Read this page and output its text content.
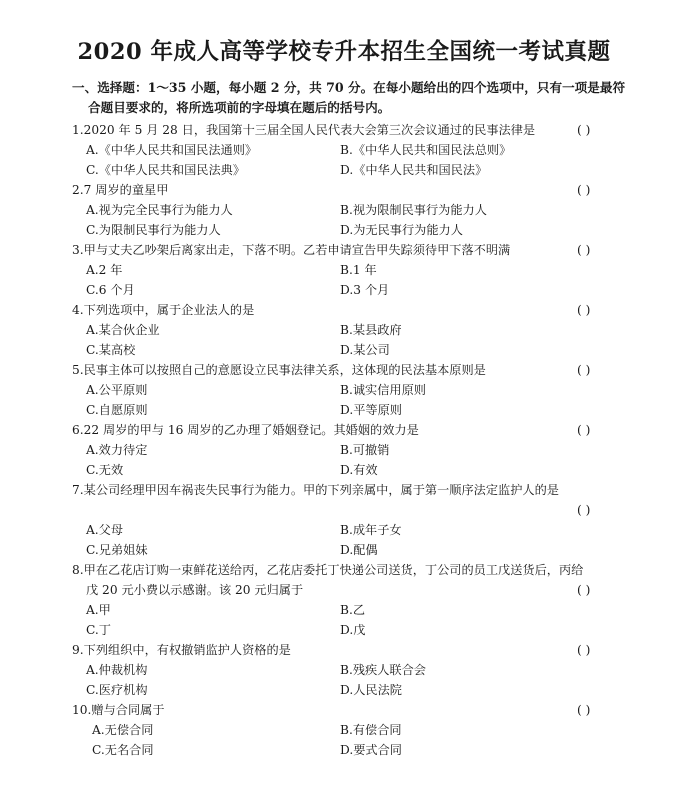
2020 年成人高等学校专升本招生全国统一考试真题
一、选择题：1～35 小题，每小题 2 分，共 70 分。在每小题给出的四个选项中，只有一项是最符
合题目要求的，将所选项前的字母填在题后的括号内。
1.2020 年 5 月 28 日，我国第十三届全国人民代表大会第三次会议通过的民事法律是	( )
A.《中华人民共和国民法通则》	B.《中华人民共和国民法总则》
C.《中华人民共和国民法典》	D.《中华人民共和国民法》
2.7 周岁的童星甲	( )
A.视为完全民事行为能力人	B.视为限制民事行为能力人
C.为限制民事行为能力人	D.为无民事行为能力人
3.甲与丈夫乙吵架后离家出走，下落不明。乙若申请宣告甲失踪须待甲下落不明满	( )
A.2 年	B.1 年
C.6 个月	D.3 个月
4.下列选项中，属于企业法人的是	( )
A.某合伙企业	B.某县政府
C.某高校	D.某公司
5.民事主体可以按照自己的意愿设立民事法律关系，这体现的民法基本原则是	( )
A.公平原则	B.诚实信用原则
C.自愿原则	D.平等原则
6.22 周岁的甲与 16 周岁的乙办理了婚姻登记。其婚姻的效力是	( )
A.效力待定	B.可撤销
C.无效	D.有效
7.某公司经理甲因车祸丧失民事行为能力。甲的下列亲属中，属于第一顺序法定监护人的是
( )
A.父母	B.成年子女
C.兄弟姐妹	D.配偶
8.甲在乙花店订购一束鲜花送给丙，乙花店委托丁快递公司送货，丁公司的员工戊送货后，丙给
戊 20 元小费以示感谢。该 20 元归属于	( )
A.甲	B.乙
C.丁	D.戊
9.下列组织中，有权撤销监护人资格的是	( )
A.仲裁机构	B.残疾人联合会
C.医疗机构	D.人民法院
10.赠与合同属于	( )
A.无偿合同	B.有偿合同
C.无名合同	D.要式合同
